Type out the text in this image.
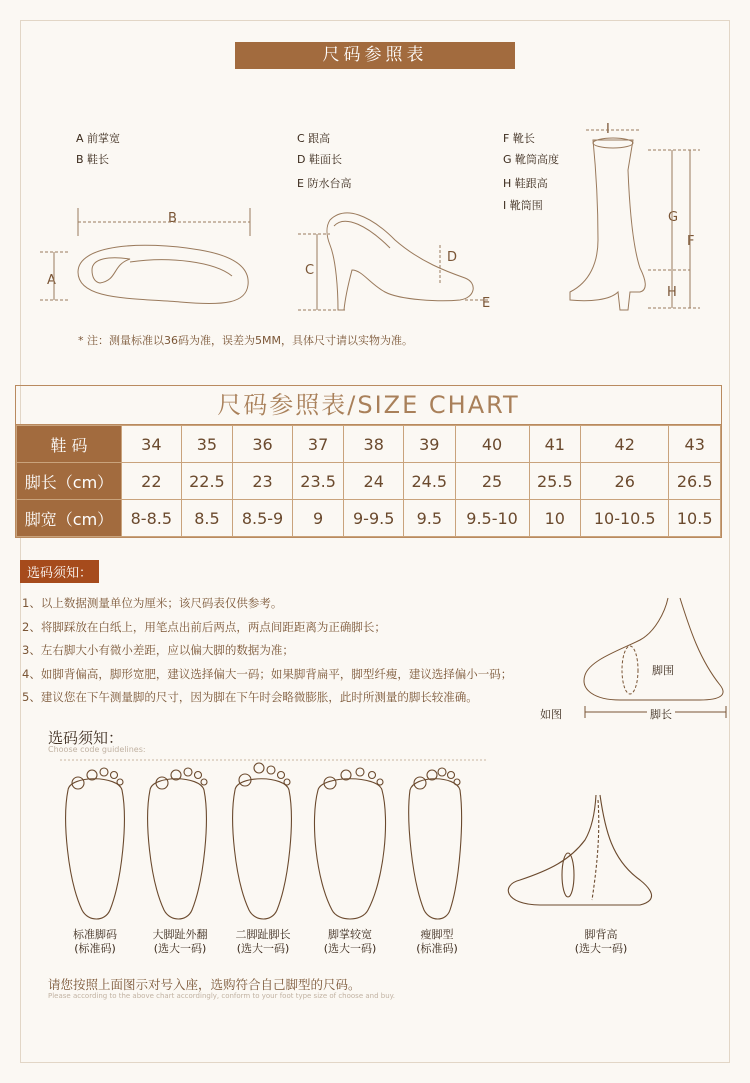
尺码参照表
A 前掌宽
B 鞋长
C 跟高
D 鞋面长
E 防水台高
F 靴长
G 靴筒高度
H 鞋跟高
I 靴筒围
B
A
C
D
E
I
G
F
H
* 注：测量标准以36码为准，误差为5MM，具体尺寸请以实物为准。
尺码参照表/SIZE CHART
鞋 码	34	35	36	37	38	39	40	41	42	43
脚长（cm）	22	22.5	23	23.5	24	24.5	25	25.5	26	26.5
脚宽（cm）	8-8.5	8.5	8.5-9	9	9-9.5	9.5	9.5-10	10	10-10.5	10.5
选码须知：
1、以上数据测量单位为厘米；该尺码表仅供参考。
2、将脚踩放在白纸上，用笔点出前后两点，两点间距距离为正确脚长；
3、左右脚大小有微小差距，应以偏大脚的数据为准；
4、如脚背偏高，脚形宽肥，建议选择偏大一码；如果脚背扁平，脚型纤瘦，建议选择偏小一码；
5、建议您在下午测量脚的尺寸，因为脚在下午时会略微膨胀，此时所测量的脚长较准确。
脚围
如图	脚长
选码须知：
Choose code guidelines:
标准脚码
(标准码)
大脚趾外翻
(选大一码)
二脚趾脚长
(选大一码)
脚掌较宽
(选大一码)
瘦脚型
(标准码)
脚背高
(选大一码)
请您按照上面图示对号入座，选购符合自己脚型的尺码。
Please according to the above chart accordingly, conform to your foot type size of choose and buy.
